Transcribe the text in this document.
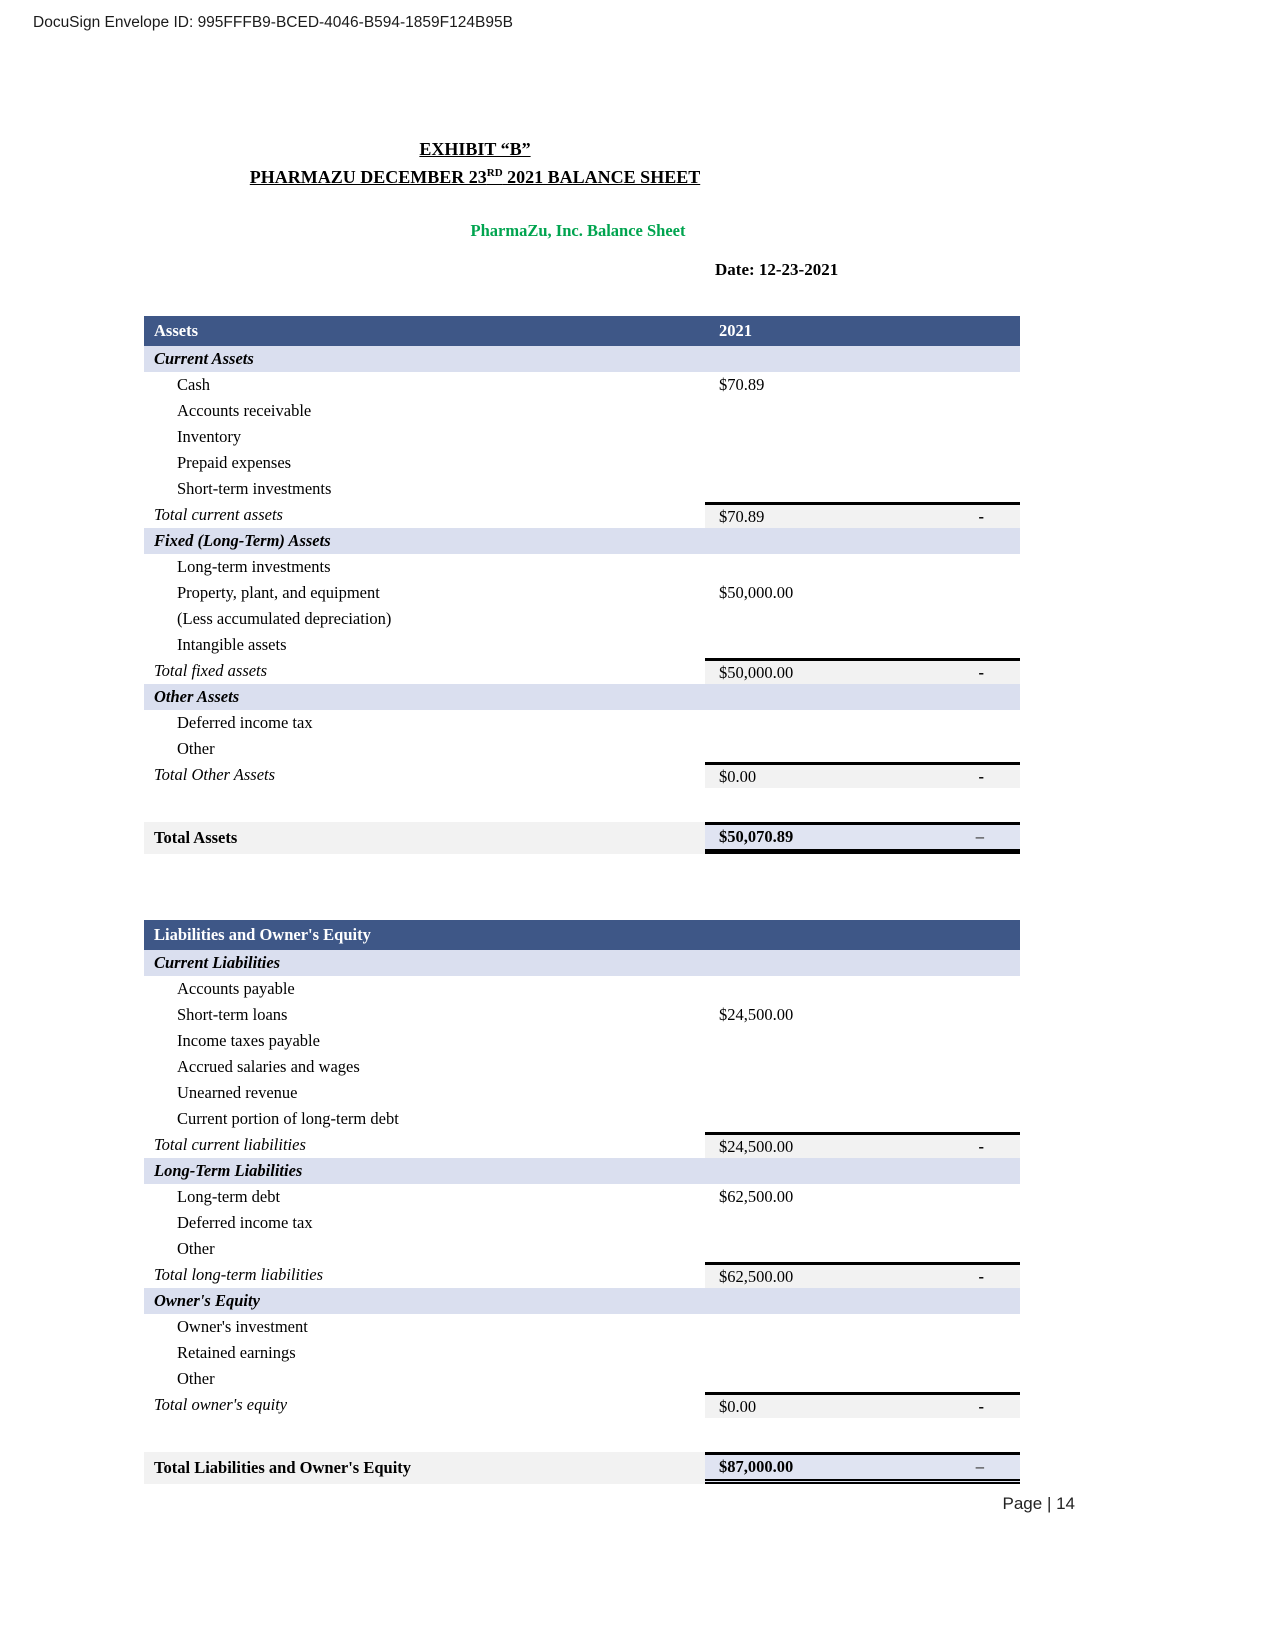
DocuSign Envelope ID: 995FFFB9-BCED-4046-B594-1859F124B95B
EXHIBIT “B”
PHARMAZU DECEMBER 23RD 2021 BALANCE SHEET
PharmaZu, Inc. Balance Sheet
Date: 12-23-2021
Assets	2021
Current Assets
Cash	$70.89
Accounts receivable
Inventory
Prepaid expenses
Short-term investments
Total current assets	$70.89	-
Fixed (Long-Term) Assets
Long-term investments
Property, plant, and equipment	$50,000.00
(Less accumulated depreciation)
Intangible assets
Total fixed assets	$50,000.00	-
Other Assets
Deferred income tax
Other
Total Other Assets	$0.00	-
Total Assets	$50,070.89	–
Liabilities and Owner's Equity
Current Liabilities
Accounts payable
Short-term loans	$24,500.00
Income taxes payable
Accrued salaries and wages
Unearned revenue
Current portion of long-term debt
Total current liabilities	$24,500.00	-
Long-Term Liabilities
Long-term debt	$62,500.00
Deferred income tax
Other
Total long-term liabilities	$62,500.00	-
Owner's Equity
Owner's investment
Retained earnings
Other
Total owner's equity	$0.00	-
Total Liabilities and Owner's Equity	$87,000.00	–
Page | 14
